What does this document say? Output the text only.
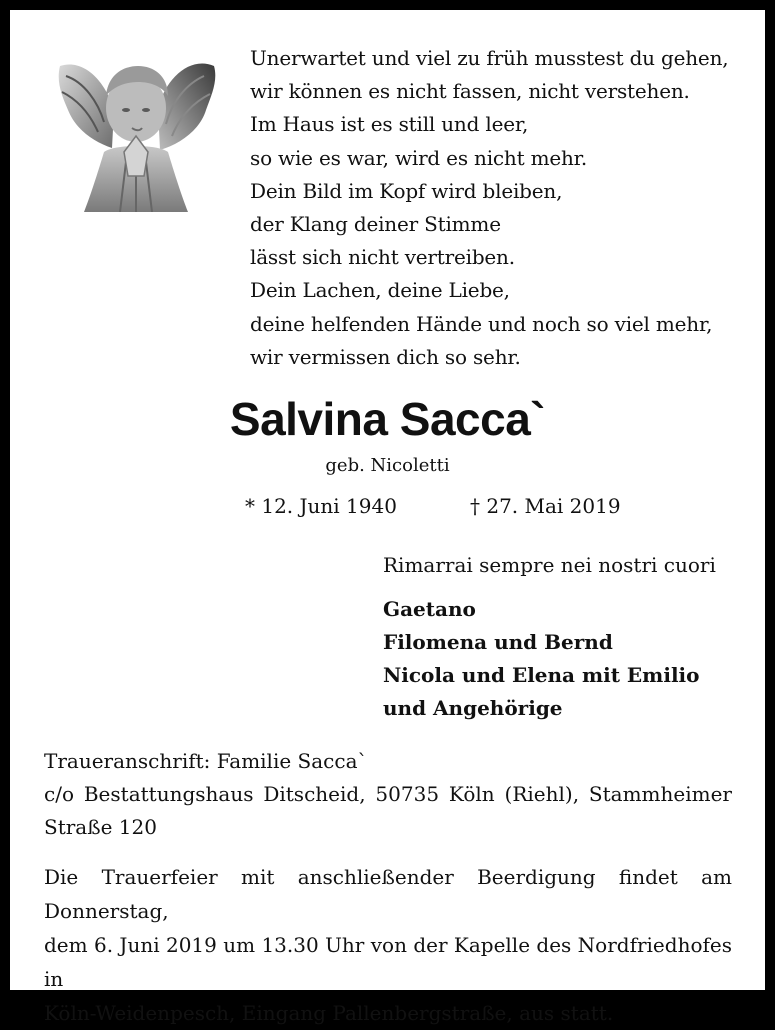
Unerwartet und viel zu früh musstest du gehen,
wir können es nicht fassen, nicht verstehen.
Im Haus ist es still und leer,
so wie es war, wird es nicht mehr.
Dein Bild im Kopf wird bleiben,
der Klang deiner Stimme
lässt sich nicht vertreiben.
Dein Lachen, deine Liebe,
deine helfenden Hände und noch so viel mehr,
wir vermissen dich so sehr.
Salvina Sacca`
geb. Nicoletti
* 12. Juni 1940	† 27. Mai 2019
Rimarrai sempre nei nostri cuori
Gaetano
Filomena und Bernd
Nicola und Elena mit Emilio
und Angehörige
Traueranschrift: Familie Sacca`
c/o Bestattungshaus Ditscheid, 50735 Köln (Riehl), Stammheimer
Straße 120
Die Trauerfeier mit anschließender Beerdigung findet am Donnerstag,
dem 6. Juni 2019 um 13.30 Uhr von der Kapelle des Nordfriedhofes in
Köln-Weidenpesch, Eingang Pallenbergstraße, aus statt.
